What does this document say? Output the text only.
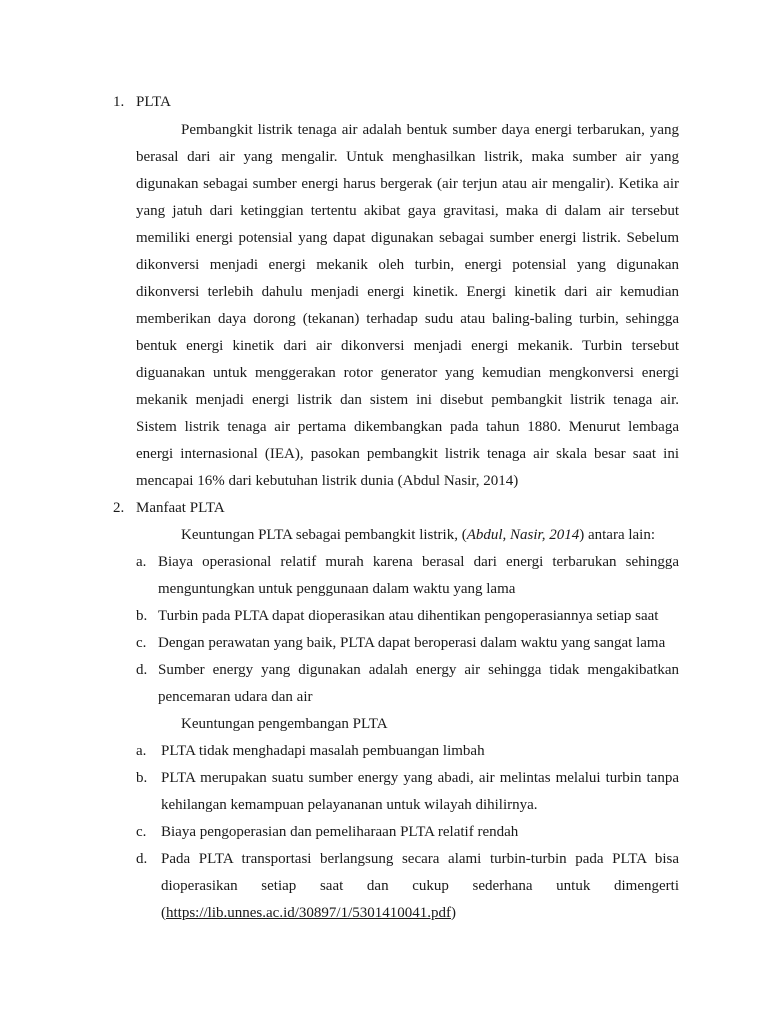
1. PLTA
Pembangkit listrik tenaga air adalah bentuk sumber daya energi terbarukan, yang
berasal dari air yang mengalir. Untuk menghasilkan listrik, maka sumber air yang
digunakan sebagai sumber energi harus bergerak (air terjun atau air mengalir). Ketika air
yang jatuh dari ketinggian tertentu akibat gaya gravitasi, maka di dalam air tersebut
memiliki energi potensial yang dapat digunakan sebagai sumber energi listrik. Sebelum
dikonversi menjadi energi mekanik oleh turbin, energi potensial yang digunakan
dikonversi terlebih dahulu menjadi energi kinetik. Energi kinetik dari air kemudian
memberikan daya dorong (tekanan) terhadap sudu atau baling-baling turbin, sehingga
bentuk energi kinetik dari air dikonversi menjadi energi mekanik. Turbin tersebut
diguanakan untuk menggerakan rotor generator yang kemudian mengkonversi energi
mekanik menjadi energi listrik dan sistem ini disebut pembangkit listrik tenaga air.
Sistem listrik tenaga air pertama dikembangkan pada tahun 1880. Menurut lembaga
energi internasional (IEA), pasokan pembangkit listrik tenaga air skala besar saat ini
mencapai 16% dari kebutuhan listrik dunia (Abdul Nasir, 2014)
2. Manfaat PLTA
Keuntungan PLTA sebagai pembangkit listrik, (Abdul, Nasir, 2014) antara lain:
a. Biaya operasional relatif murah karena berasal dari energi terbarukan sehingga
menguntungkan untuk penggunaan dalam waktu yang lama
b. Turbin pada PLTA dapat dioperasikan atau dihentikan pengoperasiannya setiap saat
c. Dengan perawatan yang baik, PLTA dapat beroperasi dalam waktu yang sangat lama
d. Sumber energy yang digunakan adalah energy air sehingga tidak mengakibatkan
pencemaran udara dan air
Keuntungan pengembangan PLTA
a. PLTA tidak menghadapi masalah pembuangan limbah
b. PLTA merupakan suatu sumber energy yang abadi, air melintas melalui turbin tanpa
kehilangan kemampuan pelayananan untuk wilayah dihilirnya.
c. Biaya pengoperasian dan pemeliharaan PLTA relatif rendah
d. Pada PLTA transportasi berlangsung secara alami turbin-turbin pada PLTA bisa
dioperasikan setiap saat dan cukup sederhana untuk dimengerti
(https://lib.unnes.ac.id/30897/1/5301410041.pdf)
